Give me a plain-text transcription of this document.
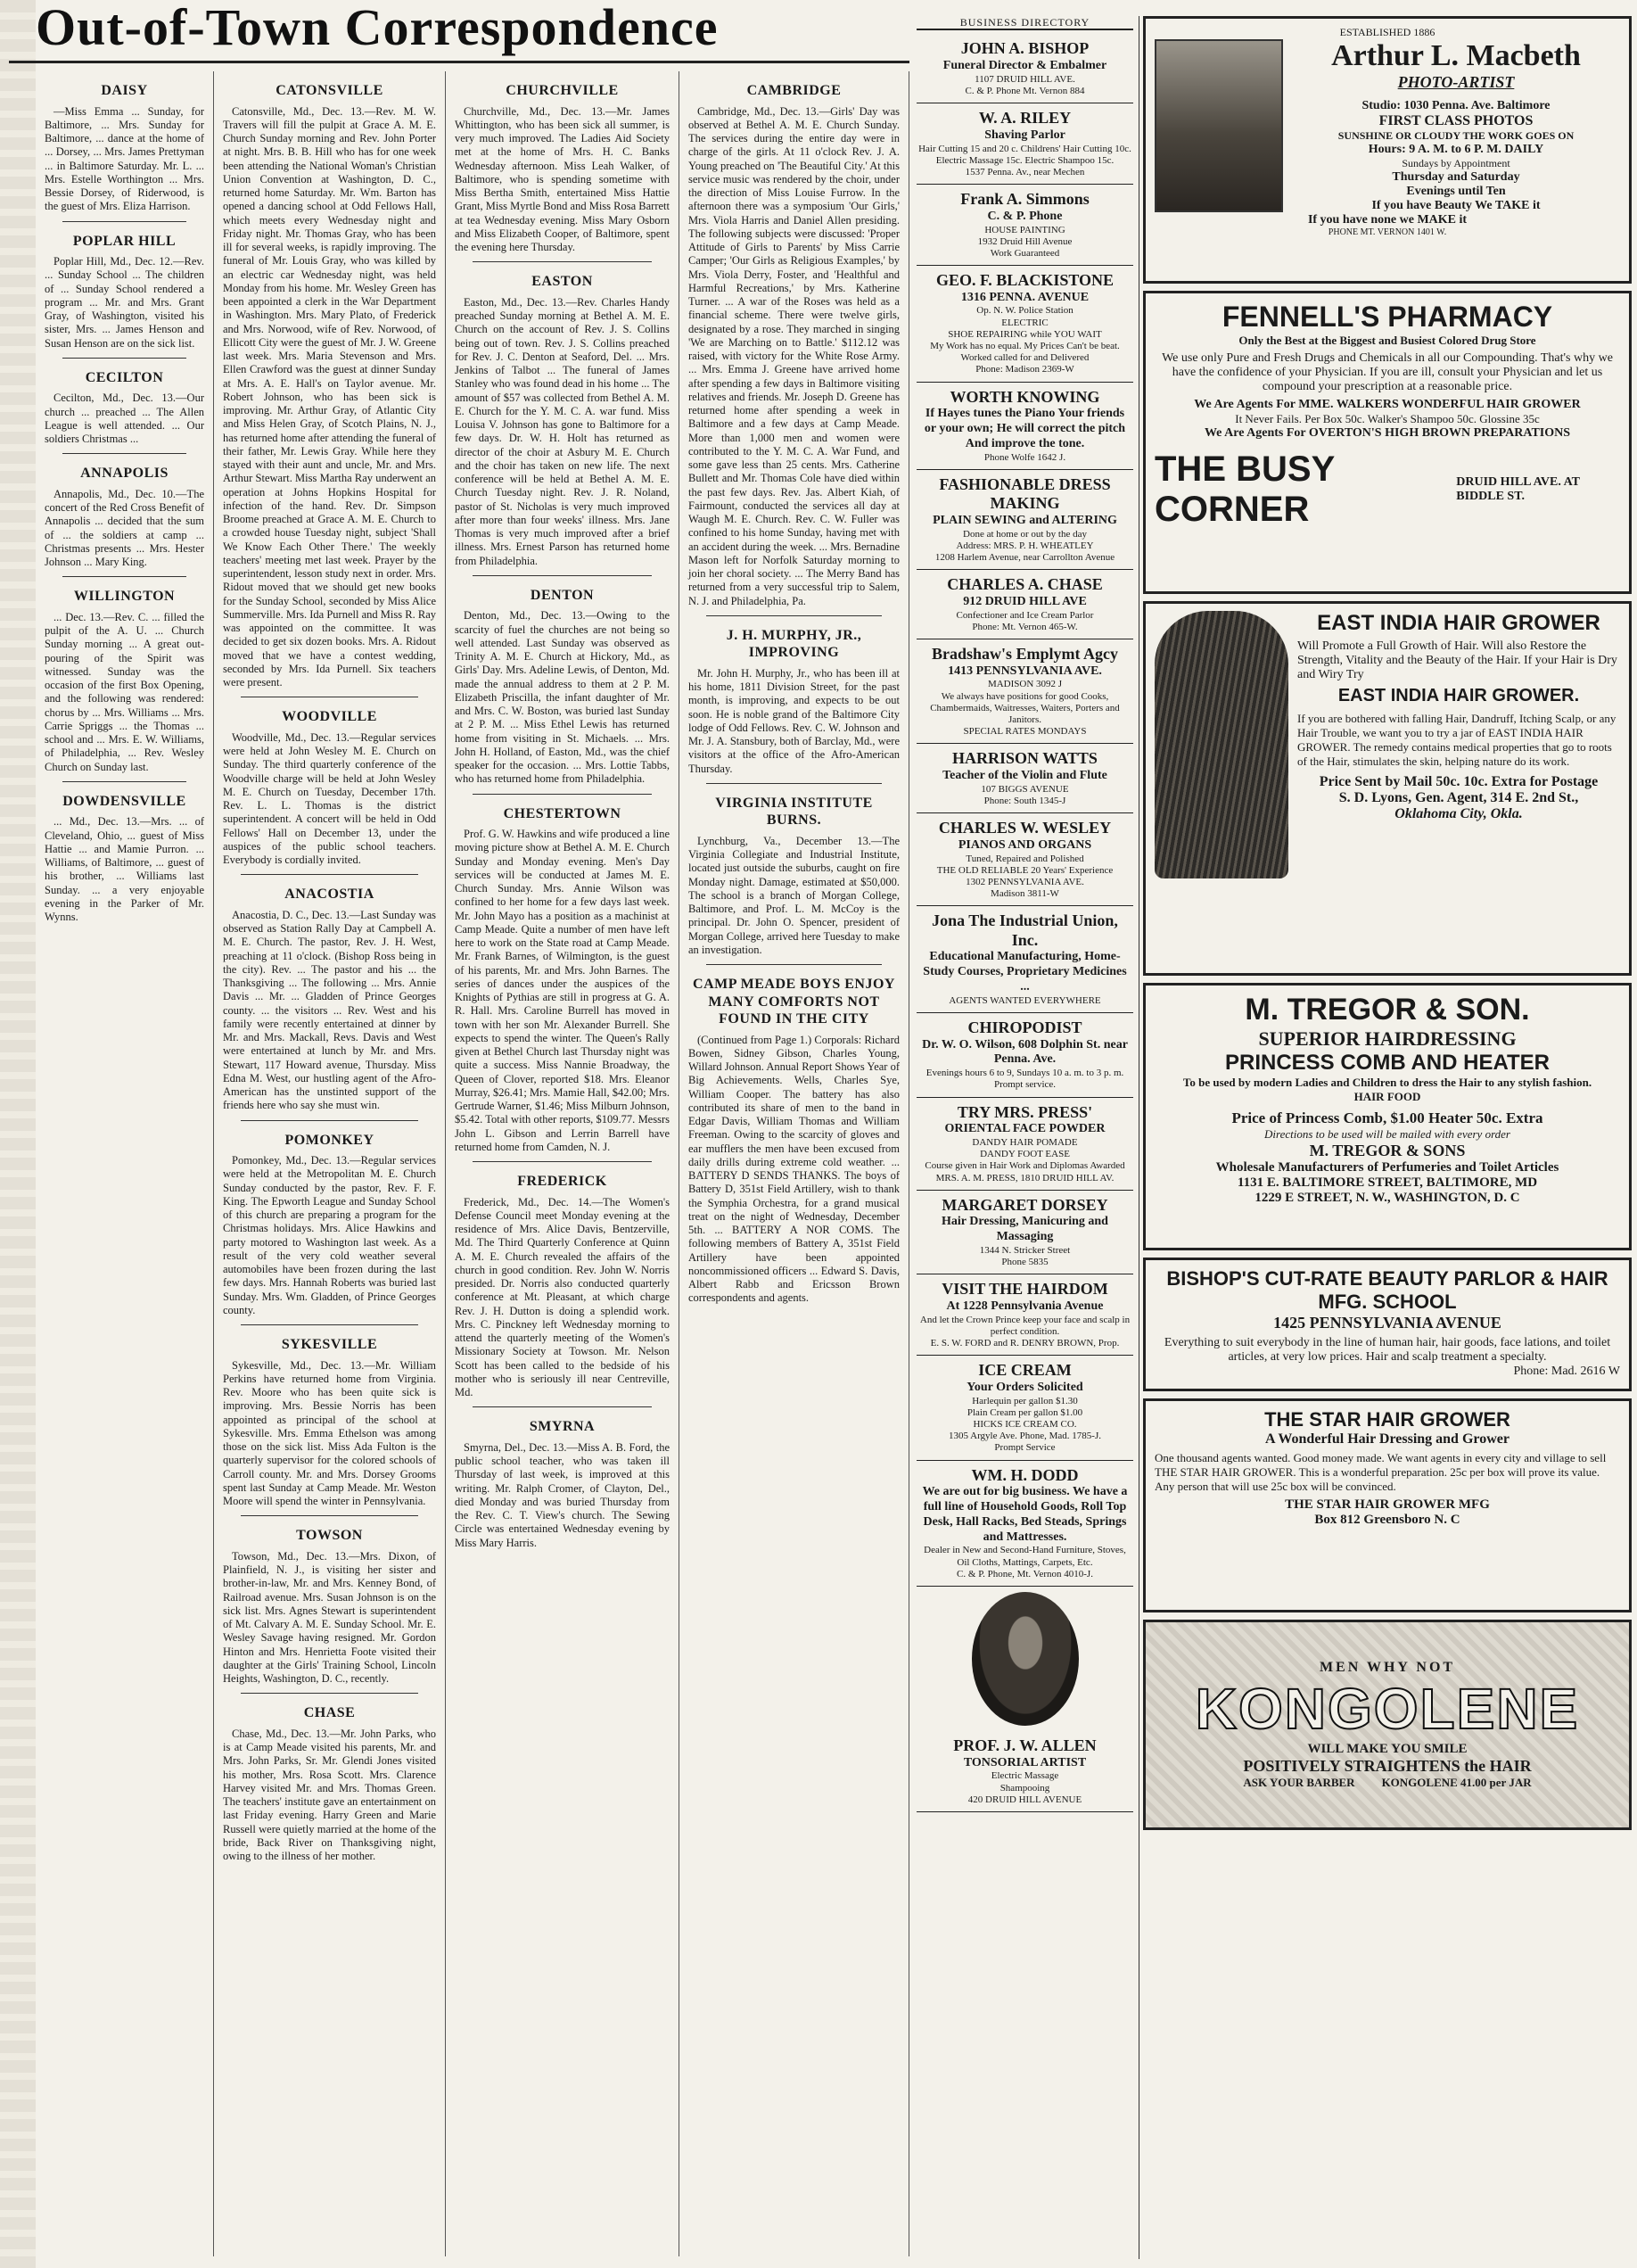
Out-of-Town Correspondence
DAISY

—Miss Emma ... Sunday, for Baltimore, ... Mrs. Sunday for Baltimore, ... dance at the home of ... Dorsey, ... Mrs. James Prettyman ... in Baltimore Saturday. Mr. L. ... Mrs. Estelle Worthington ... Mrs. Bessie Dorsey, of Riderwood, is the guest of Mrs. Eliza Harrison.

POPLAR HILL

Poplar Hill, Md., Dec. 12.—Rev. ... Sunday School ... The children of ... Sunday School rendered a program ... Mr. and Mrs. Grant Gray, of Washington, visited his sister, Mrs. ... James Henson and Susan Henson are on the sick list.

CECILTON

Cecilton, Md., Dec. 13.—Our church ... preached ... The Allen League is well attended. ... Our soldiers Christmas ...

ANNAPOLIS

Annapolis, Md., Dec. 10.—The concert of the Red Cross Benefit of Annapolis ... decided that the sum of ... the soldiers at camp ... Christmas presents ... Mrs. Hester Johnson ... Mary King.

WILLINGTON

... Dec. 13.—Rev. C. ... filled the pulpit of the A. U. ... Church Sunday morning ... A great out-pouring of the Spirit was witnessed. Sunday was the occasion of the first Box Opening, and the following was rendered: chorus by ... Mrs. Williams ... Mrs. Carrie Spriggs ... the Thomas ... school and ... Mrs. E. W. Williams, of Philadelphia, ... Rev. Wesley Church on Sunday last.

DOWDENSVILLE

... Md., Dec. 13.—Mrs. ... of Cleveland, Ohio, ... guest of Miss Hattie ... and Mamie Purron. ... Williams, of Baltimore, ... guest of his brother, ... Williams last Sunday. ... a very enjoyable evening in the Parker of Mr. Wynns.

CATONSVILLE

Catonsville, Md., Dec. 13.—Rev. M. W. Travers will fill the pulpit at Grace A. M. E. Church Sunday morning and Rev. John Porter at night. Mrs. B. B. Hill who has for one week been attending the National Woman's Christian Union Convention at Washington, D. C., returned home Saturday. Mr. Wm. Barton has opened a dancing school at Odd Fellows Hall, which meets every Wednesday night and Friday night. Mr. Thomas Gray, who has been ill for several weeks, is rapidly improving. The funeral of Mr. Louis Gray, who was killed by an electric car Wednesday night, was held Monday from his home. Mr. Wesley Green has been appointed a clerk in the War Department in Washington. Mrs. Mary Plato, of Frederick and Mrs. Norwood, wife of Rev. Norwood, of Ellicott City were the guest of Mr. J. W. Greene last week. Mrs. Maria Stevenson and Mrs. Ellen Crawford was the guest at dinner Sunday at Mrs. A. E. Hall's on Taylor avenue. Mr. Robert Johnson, who has been sick is improving. Mr. Arthur Gray, of Atlantic City and Miss Helen Gray, of Scotch Plains, N. J., has returned home after attending the funeral of their father, Mr. Lewis Gray. While here they stayed with their aunt and uncle, Mr. and Mrs. Arthur Stewart. Miss Martha Ray underwent an operation at Johns Hopkins Hospital for infection of the hand. Rev. Dr. Simpson Broome preached at Grace A. M. E. Church to a crowded house Tuesday night, subject 'Shall We Know Each Other There.' The weekly teachers' meeting met last week. Prayer by the superintendent, lesson study next in order. Mrs. Ridout moved that we should get new books for the Sunday School, seconded by Miss Alice Summerville. Mrs. Ida Purnell and Miss R. Ray was appointed on the committee. It was decided to get six dozen books. Mrs. A. Ridout moved that we have a contest wedding, seconded by Mrs. Ida Purnell. Six teachers were present.

WOODVILLE

Woodville, Md., Dec. 13.—Regular services were held at John Wesley M. E. Church on Sunday. The third quarterly conference of the Woodville charge will be held at John Wesley M. E. Church on Tuesday, December 17th. Rev. L. L. Thomas is the district superintendent. A concert will be held in Odd Fellows' Hall on December 13, under the auspices of the public school teachers. Everybody is cordially invited.

ANACOSTIA

Anacostia, D. C., Dec. 13.—Last Sunday was observed as Station Rally Day at Campbell A. M. E. Church. The pastor, Rev. J. H. West, preaching at 11 o'clock. (Bishop Ross being in the city). Rev. ... The pastor and his ... the Thanksgiving ... The following ... Mrs. Annie Davis ... Mr. ... Gladden of Prince Georges county. ... the visitors ... Rev. West and his family were recently entertained at dinner by Mr. and Mrs. Mackall, Revs. Davis and West were entertained at lunch by Mr. and Mrs. Stewart, 117 Howard avenue, Thursday. Miss Edna M. West, our hustling agent of the Afro-American has the unstinted support of the friends here who say she must win.

POMONKEY

Pomonkey, Md., Dec. 13.—Regular services were held at the Metropolitan M. E. Church Sunday conducted by the pastor, Rev. F. F. King. The Epworth League and Sunday School of this church are preparing a program for the Christmas holidays. Mrs. Alice Hawkins and party motored to Washington last week. As a result of the very cold weather several automobiles have been frozen during the last few days. Mrs. Hannah Roberts was buried last Sunday. Mrs. Wm. Gladden, of Prince Georges county.

SYKESVILLE

Sykesville, Md., Dec. 13.—Mr. William Perkins have returned home from Virginia. Rev. Moore who has been quite sick is improving. Mrs. Bessie Norris has been appointed as principal of the school at Sykesville. Mrs. Emma Ethelson was among those on the sick list. Miss Ada Fulton is the quarterly supervisor for the colored schools of Carroll county. Mr. and Mrs. Dorsey Grooms spent last Sunday at Camp Meade. Mr. Weston Moore will spend the winter in Pennsylvania.

TOWSON

Towson, Md., Dec. 13.—Mrs. Dixon, of Plainfield, N. J., is visiting her sister and brother-in-law, Mr. and Mrs. Kenney Bond, of Railroad avenue. Mrs. Susan Johnson is on the sick list. Mrs. Agnes Stewart is superintendent of Mt. Calvary A. M. E. Sunday School. Mr. E. Wesley Savage having resigned. Mr. Gordon Hinton and Mrs. Henrietta Foote visited their daughter at the Girls' Training School, Lincoln Heights, Washington, D. C., recently.

CHASE

Chase, Md., Dec. 13.—Mr. John Parks, who is at Camp Meade visited his parents, Mr. and Mrs. John Parks, Sr. Mr. Glendi Jones visited his mother, Mrs. Rosa Scott. Mrs. Clarence Harvey visited Mr. and Mrs. Thomas Green. The teachers' institute gave an entertainment on last Friday evening. Harry Green and Marie Russell were quietly married at the home of the bride, Back River on Thanksgiving night, owing to the illness of her mother.

CHURCHVILLE

Churchville, Md., Dec. 13.—Mr. James Whittington, who has been sick all summer, is very much improved. The Ladies Aid Society met at the home of Mrs. H. C. Banks Wednesday afternoon. Miss Leah Walker, of Baltimore, who is spending sometime with Miss Bertha Smith, entertained Miss Hattie Grant, Miss Myrtle Bond and Miss Rosa Barrett at tea Wednesday evening. Miss Mary Osborn and Miss Elizabeth Cooper, of Baltimore, spent the evening here Thursday.

EASTON

Easton, Md., Dec. 13.—Rev. Charles Handy preached Sunday morning at Bethel A. M. E. Church on the account of Rev. J. S. Collins being out of town. Rev. J. S. Collins preached for Rev. J. C. Denton at Seaford, Del. ... Mrs. Jenkins of Talbot ... The funeral of James Stanley who was found dead in his home ... The amount of $57 was collected from Bethel A. M. E. Church for the Y. M. C. A. war fund. Miss Louisa V. Johnson has gone to Baltimore for a few days. Dr. W. H. Holt has returned as director of the choir at Asbury M. E. Church and the choir has taken on new life. The next conference will be held at Bethel A. M. E. Church Tuesday night. Rev. J. R. Noland, pastor of St. Nicholas is very much improved after more than four weeks' illness. Mrs. Jane Thomas is very much improved after a brief illness. Mrs. Ernest Parson has returned home from Philadelphia.

DENTON

Denton, Md., Dec. 13.—Owing to the scarcity of fuel the churches are not being so well attended. Last Sunday was observed as Trinity A. M. E. Church at Hickory, Md., as Girls' Day. Mrs. Adeline Lewis, of Denton, Md. made the annual address to them at 2 P. M. Elizabeth Priscilla, the infant daughter of Mr. and Mrs. C. W. Boston, was buried last Sunday at 2 P. M. ... Miss Ethel Lewis has returned home from visiting in St. Michaels. ... Mrs. John H. Holland, of Easton, Md., was the chief speaker for the occasion. ... Mrs. Lottie Tabbs, who has returned home from Philadelphia.

CHESTERTOWN

Prof. G. W. Hawkins and wife produced a line moving picture show at Bethel A. M. E. Church Sunday and Monday evening. Men's Day services will be conducted at James M. E. Church Sunday. Mrs. Annie Wilson was confined to her home for a few days last week. Mr. John Mayo has a position as a machinist at Camp Meade. Quite a number of men have left here to work on the State road at Camp Meade. Mr. Frank Barnes, of Wilmington, is the guest of his parents, Mr. and Mrs. John Barnes. The series of dances under the auspices of the Knights of Pythias are still in progress at G. A. R. Hall. Mrs. Caroline Burrell has moved in town with her son Mr. Alexander Burrell. She expects to spend the winter. The Queen's Rally given at Bethel Church last Thursday night was quite a success. Miss Nannie Broadway, the Queen of Clover, reported $18. Mrs. Eleanor Murray, $26.41; Mrs. Mamie Hall, $42.00; Mrs. Gertrude Warner, $1.46; Miss Milburn Johnson, $5.42. Total with other reports, $109.77. Messrs John L. Gibson and Lerrin Barrell have returned home from Camden, N. J.

FREDERICK

Frederick, Md., Dec. 14.—The Women's Defense Council meet Monday evening at the residence of Mrs. Alice Davis, Bentzerville, Md. The Third Quarterly Conference at Quinn A. M. E. Church revealed the affairs of the church in good condition. Rev. John W. Norris presided. Dr. Norris also conducted quarterly conference at Mt. Pleasant, at which charge Rev. J. H. Dutton is doing a splendid work. Mrs. C. Pinckney left Wednesday morning to attend the quarterly meeting of the Women's Missionary Society at Towson. Mr. Nelson Scott has been called to the bedside of his mother who is seriously ill near Centreville, Md.

SMYRNA

Smyrna, Del., Dec. 13.—Miss A. B. Ford, the public school teacher, who was taken ill Thursday of last week, is improved at this writing. Mr. Ralph Cromer, of Clayton, Del., died Monday and was buried Thursday from the Rev. C. T. View's church. The Sewing Circle was entertained Wednesday evening by Miss Mary Harris.

CAMBRIDGE

Cambridge, Md., Dec. 13.—Girls' Day was observed at Bethel A. M. E. Church Sunday. The services during the entire day were in charge of the girls. At 11 o'clock Rev. J. A. Young preached on 'The Beautiful City.' At this service music was rendered by the choir, under the direction of Miss Louise Furrow. In the afternoon there was a symposium 'Our Girls,' Mrs. Viola Harris and Daniel Allen presiding. The following subjects were discussed: 'Proper Attitude of Girls to Parents' by Miss Carrie Camper; 'Our Girls as Religious Examples,' by Mrs. Viola Derry, Foster, and 'Healthful and Harmful Recreations,' by Mrs. Katherine Turner. ... A war of the Roses was held as a financial scheme. There were twelve girls, designated by a rose. They marched in singing 'We are Marching on to Battle.' $112.12 was raised, with victory for the White Rose Army. ... Mrs. Emma J. Greene have arrived home after spending a few days in Baltimore visiting relatives and friends. Mr. Joseph D. Greene has returned home after spending a week in Baltimore and a few days at Camp Meade. More than 1,000 men and women were contributed to the Y. M. C. A. War Fund, and some gave less than 25 cents. Mrs. Catherine Bullett and Mr. Thomas Cole have died within the past few days. Rev. Jas. Albert Kiah, of Fairmount, conducted the services all day at Waugh M. E. Church. Rev. C. W. Fuller was confined to his home Sunday, having met with an accident during the week. ... Mrs. Bernadine Mason left for Norfolk Saturday morning to join her choral society. ... The Merry Band has returned from a very successful trip to Salem, N. J. and Philadelphia, Pa.

J. H. MURPHY, JR., IMPROVING

Mr. John H. Murphy, Jr., who has been ill at his home, 1811 Division Street, for the past month, is improving, and expects to be out soon. He is noble grand of the Baltimore City lodge of Odd Fellows. Rev. C. W. Johnson and Mr. J. A. Stansbury, both of Barclay, Md., were visitors at the office of the Afro-American Thursday.

VIRGINIA INSTITUTE BURNS.

Lynchburg, Va., December 13.—The Virginia Collegiate and Industrial Institute, located just outside the suburbs, caught on fire Monday night. Damage, estimated at $50,000. The school is a branch of Morgan College, Baltimore, and Prof. L. M. McCoy is the principal. Dr. John O. Spencer, president of Morgan College, arrived here Tuesday to make an investigation.

CAMP MEADE BOYS ENJOY MANY COMFORTS NOT FOUND IN THE CITY

(Continued from Page 1.) Corporals: Richard Bowen, Sidney Gibson, Charles Young, Willard Johnson. Annual Report Shows Year of Big Achievements. Wells, Charles Sye, William Cooper. The battery has also contributed its share of men to the band in Edgar Davis, William Thomas and William Freeman. Owing to the scarcity of gloves and ear mufflers the men have been excused from daily drills during extreme cold weather. ... BATTERY D SENDS THANKS. The boys of Battery D, 351st Field Artillery, wish to thank the Symphia Orchestra, for a grand musical treat on the night of Wednesday, December 5th. ... BATTERY A NOR COMS. The following members of Battery A, 351st Field Artillery have been appointed noncommissioned officers ... Edward S. Davis, Albert Rabb and Ericsson Brown correspondents and agents.

BUSINESS DIRECTORY
JOHN A. BISHOP
Funeral Director & Embalmer
1107 DRUID HILL AVE.
C. & P. Phone Mt. Vernon 884
W. A. RILEY
Shaving Parlor
Hair Cutting 15 and 20 c. Childrens' Hair Cutting 10c. Electric Massage 15c. Electric Shampoo 15c.
1537 Penna. Av., near Mechen
Frank A. Simmons
C. & P. Phone
HOUSE PAINTING
1932 Druid Hill Avenue
Work Guaranteed
GEO. F. BLACKISTONE
1316 PENNA. AVENUE
Op. N. W. Police Station
ELECTRIC
SHOE REPAIRING while YOU WAIT
My Work has no equal. My Prices Can't be beat. Worked called for and Delivered
Phone: Madison 2369-W
WORTH KNOWING
If Hayes tunes the Piano Your friends or your own; He will correct the pitch And improve the tone.
Phone Wolfe 1642 J.
FASHIONABLE DRESS MAKING
PLAIN SEWING and ALTERING
Done at home or out by the day
Address: MRS. P. H. WHEATLEY
1208 Harlem Avenue, near Carrollton Avenue
CHARLES A. CHASE
912 DRUID HILL AVE
Confectioner and Ice Cream Parlor
Phone: Mt. Vernon 465-W.
Bradshaw's Emplymt Agcy
1413 PENNSYLVANIA AVE.
MADISON 3092 J
We always have positions for good Cooks, Chambermaids, Waitresses, Waiters, Porters and Janitors.
SPECIAL RATES MONDAYS
HARRISON WATTS
Teacher of the Violin and Flute
107 BIGGS AVENUE
Phone: South 1345-J
CHARLES W. WESLEY
PIANOS AND ORGANS
Tuned, Repaired and Polished
THE OLD RELIABLE 20 Years' Experience
1302 PENNSYLVANIA AVE.
Madison 3811-W
Jona The Industrial Union, Inc.
Educational Manufacturing, Home-Study Courses, Proprietary Medicines ...
AGENTS WANTED EVERYWHERE
CHIROPODIST
Dr. W. O. Wilson, 608 Dolphin St. near Penna. Ave.
Evenings hours 6 to 9, Sundays 10 a. m. to 3 p. m.
Prompt service.
TRY MRS. PRESS'
ORIENTAL FACE POWDER
DANDY HAIR POMADE
DANDY FOOT EASE
Course given in Hair Work and Diplomas Awarded
MRS. A. M. PRESS, 1810 DRUID HILL AV.
MARGARET DORSEY
Hair Dressing, Manicuring and Massaging
1344 N. Stricker Street
Phone 5835
VISIT THE HAIRDOM
At 1228 Pennsylvania Avenue
And let the Crown Prince keep your face and scalp in perfect condition.
E. S. W. FORD and R. DENRY BROWN, Prop.
ICE CREAM
Your Orders Solicited
Harlequin per gallon $1.30
Plain Cream per gallon $1.00
HICKS ICE CREAM CO.
1305 Argyle Ave. Phone, Mad. 1785-J.
Prompt Service
WM. H. DODD
We are out for big business. We have a full line of Household Goods, Roll Top Desk, Hall Racks, Bed Steads, Springs and Mattresses.
Dealer in New and Second-Hand Furniture, Stoves, Oil Cloths, Mattings, Carpets, Etc.
C. & P. Phone, Mt. Vernon 4010-J.
PROF. J. W. ALLEN
TONSORIAL ARTIST
Electric Massage
Shampooing
420 DRUID HILL AVENUE
ESTABLISHED 1886
Arthur L. Macbeth
PHOTO-ARTIST
Studio: 1030 Penna. Ave. Baltimore
FIRST CLASS PHOTOS
SUNSHINE OR CLOUDY THE WORK GOES ON
Hours: 9 A. M. to 6 P. M. DAILY
Sundays by Appointment
Thursday and Saturday
Evenings until Ten
If you have Beauty We TAKE it
If you have none we MAKE it
PHONE MT. VERNON 1401 W.
FENNELL'S PHARMACY
Only the Best at the Biggest and Busiest Colored Drug Store
We use only Pure and Fresh Drugs and Chemicals in all our Compounding. That's why we have the confidence of your Physician. If you are ill, consult your Physician and let us compound your prescription at a reasonable price.
We Are Agents For MME. WALKERS WONDERFUL HAIR GROWER
It Never Fails. Per Box 50c. Walker's Shampoo 50c. Glossine 35c
We Are Agents For OVERTON'S HIGH BROWN PREPARATIONS
THE BUSY CORNER
DRUID HILL AVE. AT BIDDLE ST.
EAST INDIA HAIR GROWER
Will Promote a Full Growth of Hair. Will also Restore the Strength, Vitality and the Beauty of the Hair. If your Hair is Dry and Wiry Try
EAST INDIA HAIR GROWER.
If you are bothered with falling Hair, Dandruff, Itching Scalp, or any Hair Trouble, we want you to try a jar of EAST INDIA HAIR GROWER. The remedy contains medical properties that go to roots of the Hair, stimulates the skin, helping nature do its work.
Price Sent by Mail 50c. 10c. Extra for Postage
S. D. Lyons, Gen. Agent, 314 E. 2nd St.,
Oklahoma City, Okla.
M. TREGOR & SON.
SUPERIOR HAIRDRESSING
PRINCESS COMB AND HEATER
To be used by modern Ladies and Children to dress the Hair to any stylish fashion.
HAIR FOOD
Price of Princess Comb, $1.00 Heater 50c. Extra
Directions to be used will be mailed with every order
M. TREGOR & SONS
Wholesale Manufacturers of Perfumeries and Toilet Articles
1131 E. BALTIMORE STREET, BALTIMORE, MD
1229 E STREET, N. W., WASHINGTON, D. C
BISHOP'S CUT-RATE BEAUTY PARLOR & HAIR MFG. SCHOOL
1425 PENNSYLVANIA AVENUE
Everything to suit everybody in the line of human hair, hair goods, face lations, and toilet articles, at very low prices. Hair and scalp treatment a specialty.
Phone: Mad. 2616 W
THE STAR HAIR GROWER
A Wonderful Hair Dressing and Grower
One thousand agents wanted. Good money made. We want agents in every city and village to sell THE STAR HAIR GROWER. This is a wonderful preparation. 25c per box will prove its value. Any person that will use 25c box will be convinced.
THE STAR HAIR GROWER MFG
Box 812 Greensboro N. C
MEN WHY NOT
KONGOLENE
WILL MAKE YOU SMILE
POSITIVELY STRAIGHTENS the HAIR
ASK YOUR BARBER KONGOLENE 41.00 per JAR
